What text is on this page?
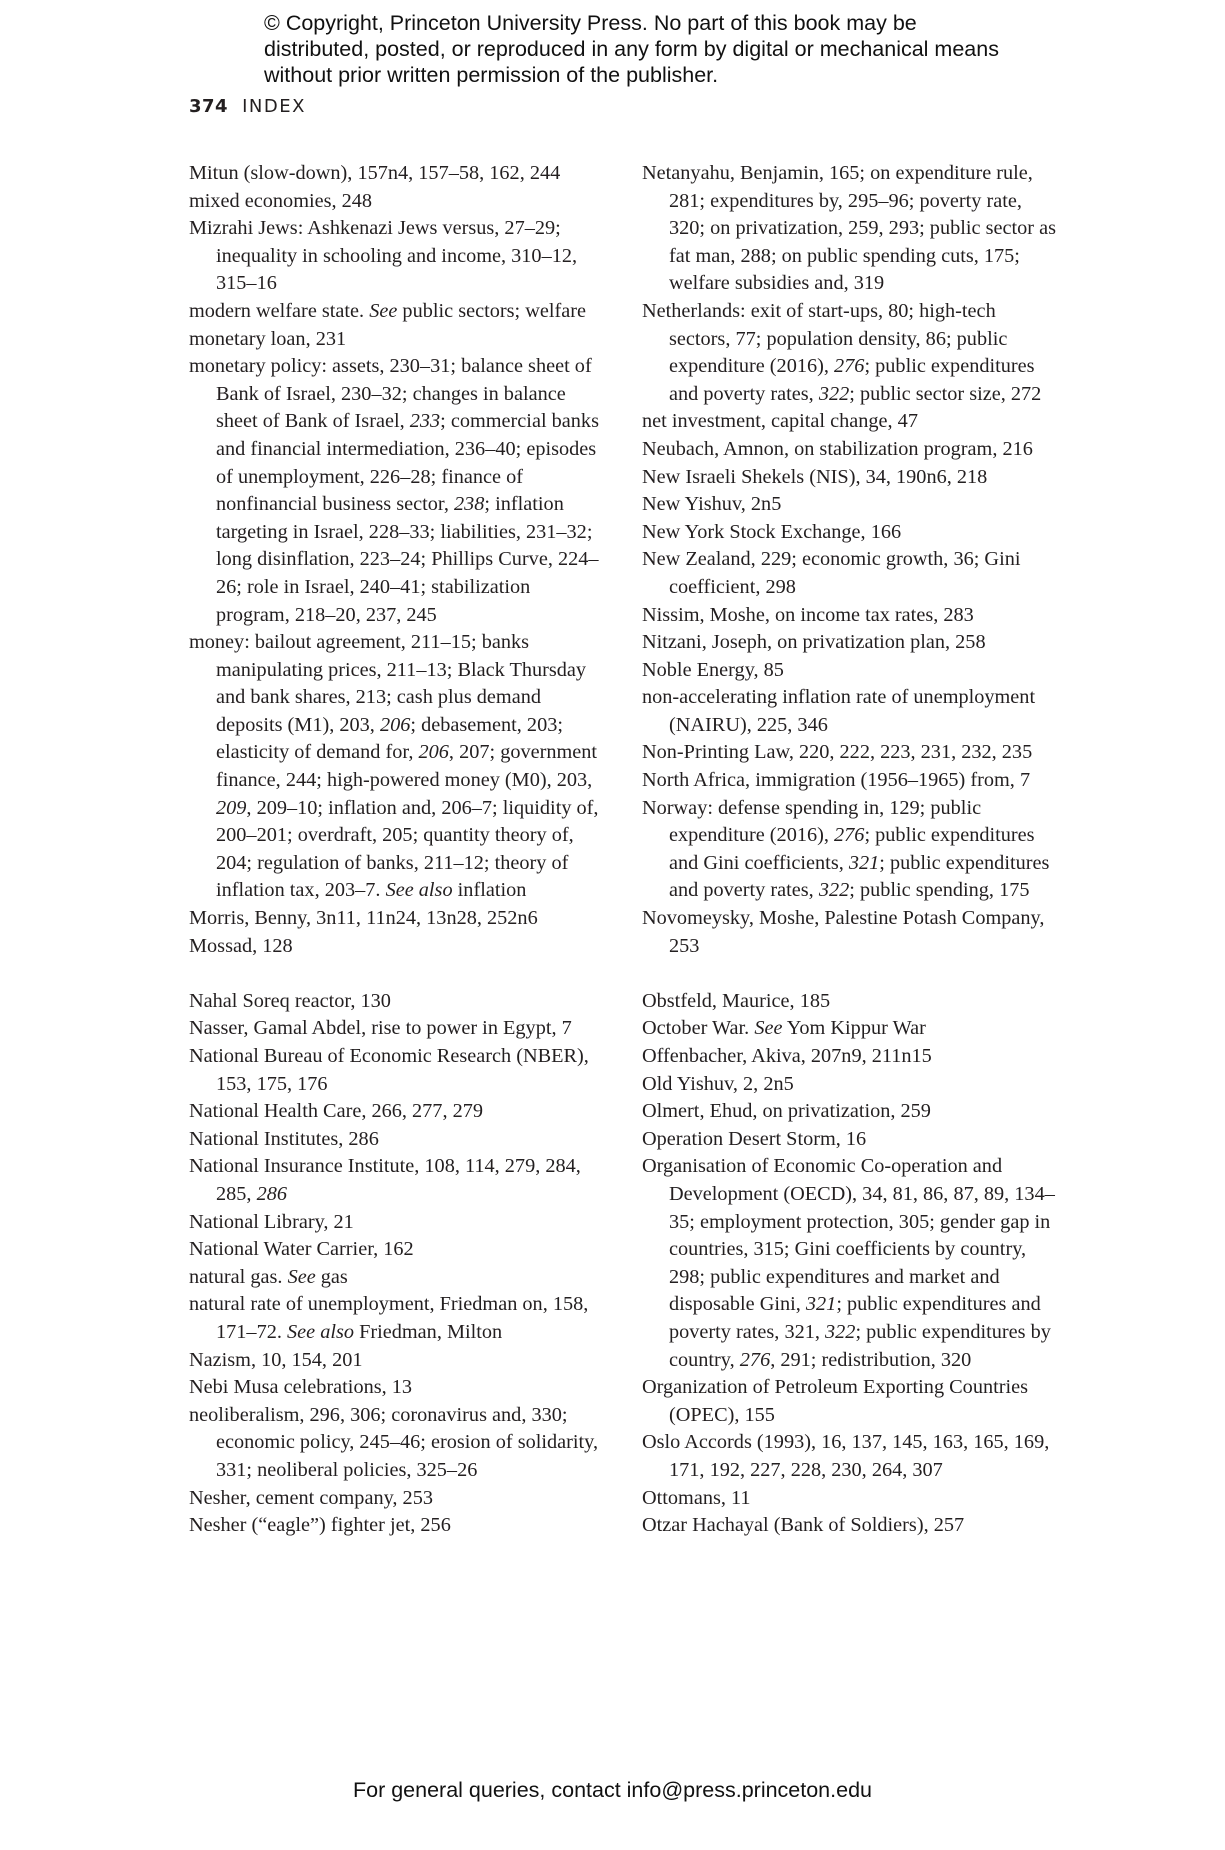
© Copyright, Princeton University Press. No part of this book may be distributed, posted, or reproduced in any form by digital or mechanical means without prior written permission of the publisher.
374 INDEX
Mitun (slow-down), 157n4, 157–58, 162, 244
mixed economies, 248
Mizrahi Jews: Ashkenazi Jews versus, 27–29; inequality in schooling and income, 310–12, 315–16
modern welfare state. See public sectors; welfare
monetary loan, 231
monetary policy: assets, 230–31; balance sheet of Bank of Israel, 230–32; changes in balance sheet of Bank of Israel, 233; commercial banks and financial intermediation, 236–40; episodes of unemployment, 226–28; finance of nonfinancial business sector, 238; inflation targeting in Israel, 228–33; liabilities, 231–32; long disinflation, 223–24; Phillips Curve, 224–26; role in Israel, 240–41; stabilization program, 218–20, 237, 245
money: bailout agreement, 211–15; banks manipulating prices, 211–13; Black Thursday and bank shares, 213; cash plus demand deposits (M1), 203, 206; debasement, 203; elasticity of demand for, 206, 207; government finance, 244; high-powered money (M0), 203, 209, 209–10; inflation and, 206–7; liquidity of, 200–201; overdraft, 205; quantity theory of, 204; regulation of banks, 211–12; theory of inflation tax, 203–7. See also inflation
Morris, Benny, 3n11, 11n24, 13n28, 252n6
Mossad, 128
Nahal Soreq reactor, 130
Nasser, Gamal Abdel, rise to power in Egypt, 7
National Bureau of Economic Research (NBER), 153, 175, 176
National Health Care, 266, 277, 279
National Institutes, 286
National Insurance Institute, 108, 114, 279, 284, 285, 286
National Library, 21
National Water Carrier, 162
natural gas. See gas
natural rate of unemployment, Friedman on, 158, 171–72. See also Friedman, Milton
Nazism, 10, 154, 201
Nebi Musa celebrations, 13
neoliberalism, 296, 306; coronavirus and, 330; economic policy, 245–46; erosion of solidarity, 331; neoliberal policies, 325–26
Nesher, cement company, 253
Nesher (“eagle”) fighter jet, 256
Netanyahu, Benjamin, 165; on expenditure rule, 281; expenditures by, 295–96; poverty rate, 320; on privatization, 259, 293; public sector as fat man, 288; on public spending cuts, 175; welfare subsidies and, 319
Netherlands: exit of start-ups, 80; high-tech sectors, 77; population density, 86; public expenditure (2016), 276; public expenditures and poverty rates, 322; public sector size, 272
net investment, capital change, 47
Neubach, Amnon, on stabilization program, 216
New Israeli Shekels (NIS), 34, 190n6, 218
New Yishuv, 2n5
New York Stock Exchange, 166
New Zealand, 229; economic growth, 36; Gini coefficient, 298
Nissim, Moshe, on income tax rates, 283
Nitzani, Joseph, on privatization plan, 258
Noble Energy, 85
non-accelerating inflation rate of unemployment (NAIRU), 225, 346
Non-Printing Law, 220, 222, 223, 231, 232, 235
North Africa, immigration (1956–1965) from, 7
Norway: defense spending in, 129; public expenditure (2016), 276; public expenditures and Gini coefficients, 321; public expenditures and poverty rates, 322; public spending, 175
Novomeysky, Moshe, Palestine Potash Company, 253
Obstfeld, Maurice, 185
October War. See Yom Kippur War
Offenbacher, Akiva, 207n9, 211n15
Old Yishuv, 2, 2n5
Olmert, Ehud, on privatization, 259
Operation Desert Storm, 16
Organisation of Economic Co-operation and Development (OECD), 34, 81, 86, 87, 89, 134–35; employment protection, 305; gender gap in countries, 315; Gini coefficients by country, 298; public expenditures and market and disposable Gini, 321; public expenditures and poverty rates, 321, 322; public expenditures by country, 276, 291; redistribution, 320
Organization of Petroleum Exporting Countries (OPEC), 155
Oslo Accords (1993), 16, 137, 145, 163, 165, 169, 171, 192, 227, 228, 230, 264, 307
Ottomans, 11
Otzar Hachayal (Bank of Soldiers), 257
For general queries, contact info@press.princeton.edu
